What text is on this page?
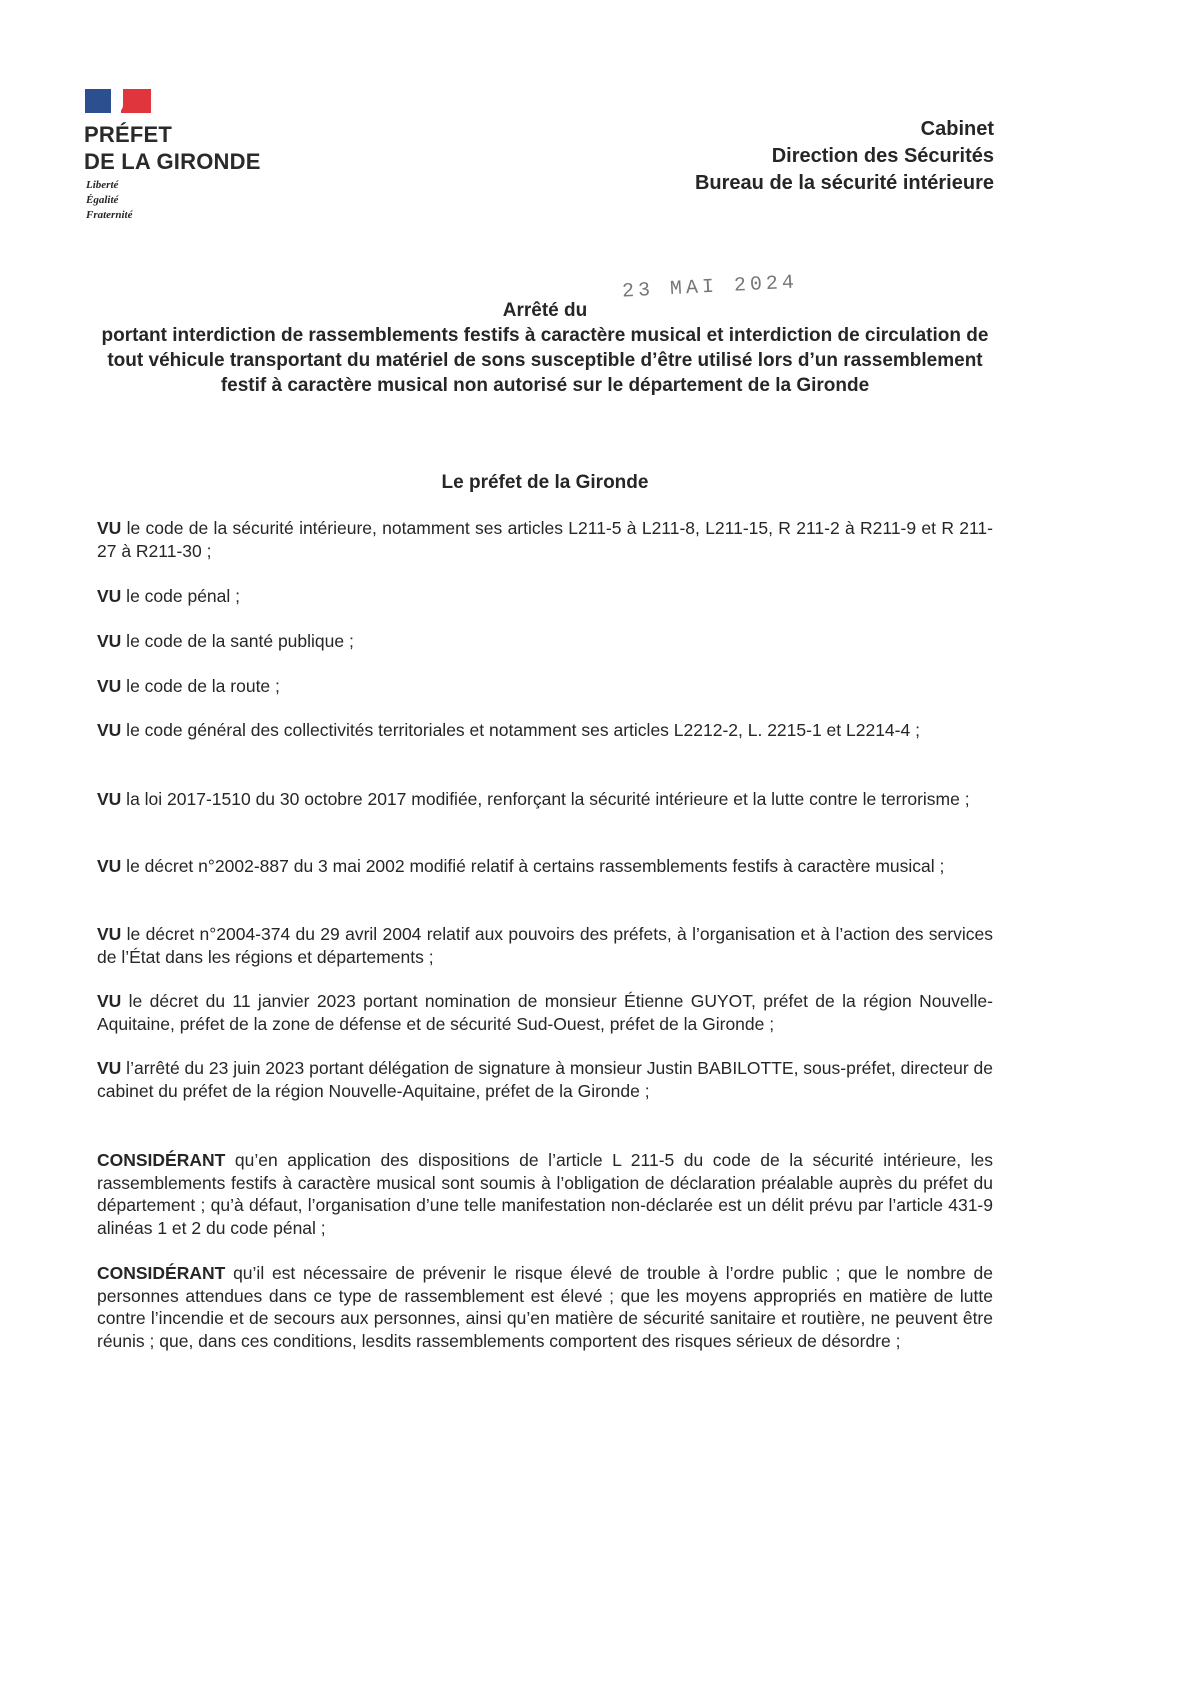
PRÉFET
DE LA GIRONDE
Liberté
Égalité
Fraternité
Cabinet
Direction des Sécurités
Bureau de la sécurité intérieure
23 MAI 2024
Arrêté du
portant interdiction de rassemblements festifs à caractère musical et interdiction de circulation de tout véhicule transportant du matériel de sons susceptible d’être utilisé lors d’un rassemblement festif à caractère musical non autorisé sur le département de la Gironde
Le préfet de la Gironde
VU le code de la sécurité intérieure, notamment ses articles L211-5 à L211-8, L211-15, R 211-2 à R211-9 et R 211-27 à R211-30 ;
VU le code pénal ;
VU le code de la santé publique ;
VU le code de la route ;
VU le code général des collectivités territoriales et notamment ses articles L2212-2, L. 2215-1 et L2214-4 ;
VU la loi 2017-1510 du 30 octobre 2017 modifiée, renforçant la sécurité intérieure et la lutte contre le terrorisme ;
VU le décret n°2002-887 du 3 mai 2002 modifié relatif à certains rassemblements festifs à caractère musical ;
VU le décret n°2004-374 du 29 avril 2004 relatif aux pouvoirs des préfets, à l’organisation et à l’action des services de l’État dans les régions et départements ;
VU le décret du 11 janvier 2023 portant nomination de monsieur Étienne GUYOT, préfet de la région Nouvelle-Aquitaine, préfet de la zone de défense et de sécurité Sud-Ouest, préfet de la Gironde ;
VU l’arrêté du 23 juin 2023 portant délégation de signature à monsieur Justin BABILOTTE, sous-préfet, directeur de cabinet du préfet de la région Nouvelle-Aquitaine, préfet de la Gironde ;
CONSIDÉRANT qu’en application des dispositions de l’article L 211-5 du code de la sécurité intérieure, les rassemblements festifs à caractère musical sont soumis à l’obligation de déclaration préalable auprès du préfet du département ; qu’à défaut, l’organisation d’une telle manifestation non-déclarée est un délit prévu par l’article 431-9 alinéas 1 et 2 du code pénal ;
CONSIDÉRANT qu’il est nécessaire de prévenir le risque élevé de trouble à l’ordre public ; que le nombre de personnes attendues dans ce type de rassemblement est élevé ; que les moyens appropriés en matière de lutte contre l’incendie et de secours aux personnes, ainsi qu’en matière de sécurité sanitaire et routière, ne peuvent être réunis ; que, dans ces conditions, lesdits rassemblements comportent des risques sérieux de désordre ;
